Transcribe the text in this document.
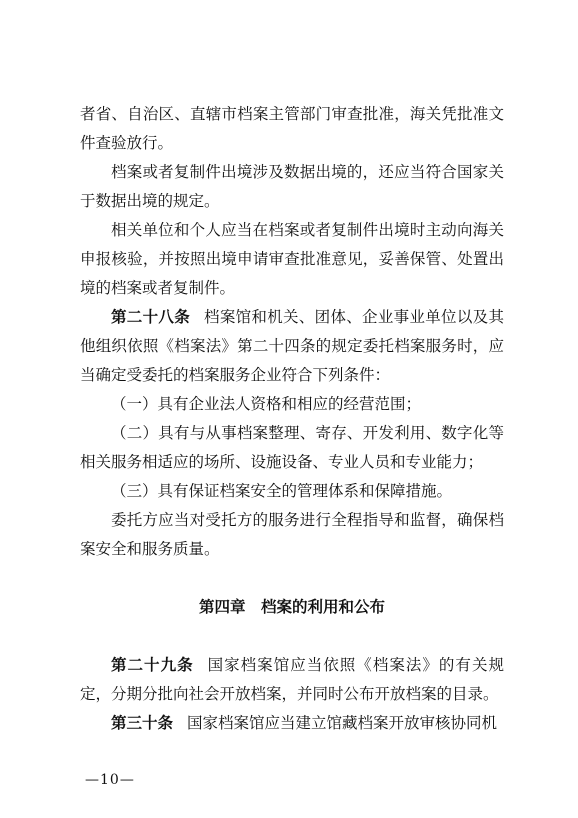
者省、自治区、直辖市档案主管部门审查批准，海关凭批准文件查验放行。

档案或者复制件出境涉及数据出境的，还应当符合国家关于数据出境的规定。

相关单位和个人应当在档案或者复制件出境时主动向海关申报核验，并按照出境申请审查批准意见，妥善保管、处置出境的档案或者复制件。

第二十八条 档案馆和机关、团体、企业事业单位以及其他组织依照《档案法》第二十四条的规定委托档案服务时，应当确定受委托的档案服务企业符合下列条件：

（一）具有企业法人资格和相应的经营范围；

（二）具有与从事档案整理、寄存、开发利用、数字化等相关服务相适应的场所、设施设备、专业人员和专业能力；

（三）具有保证档案安全的管理体系和保障措施。

委托方应当对受托方的服务进行全程指导和监督，确保档案安全和服务质量。

第四章　档案的利用和公布

第二十九条 国家档案馆应当依照《档案法》的有关规定，分期分批向社会开放档案，并同时公布开放档案的目录。

第三十条 国家档案馆应当建立馆藏档案开放审核协同机

—10—
